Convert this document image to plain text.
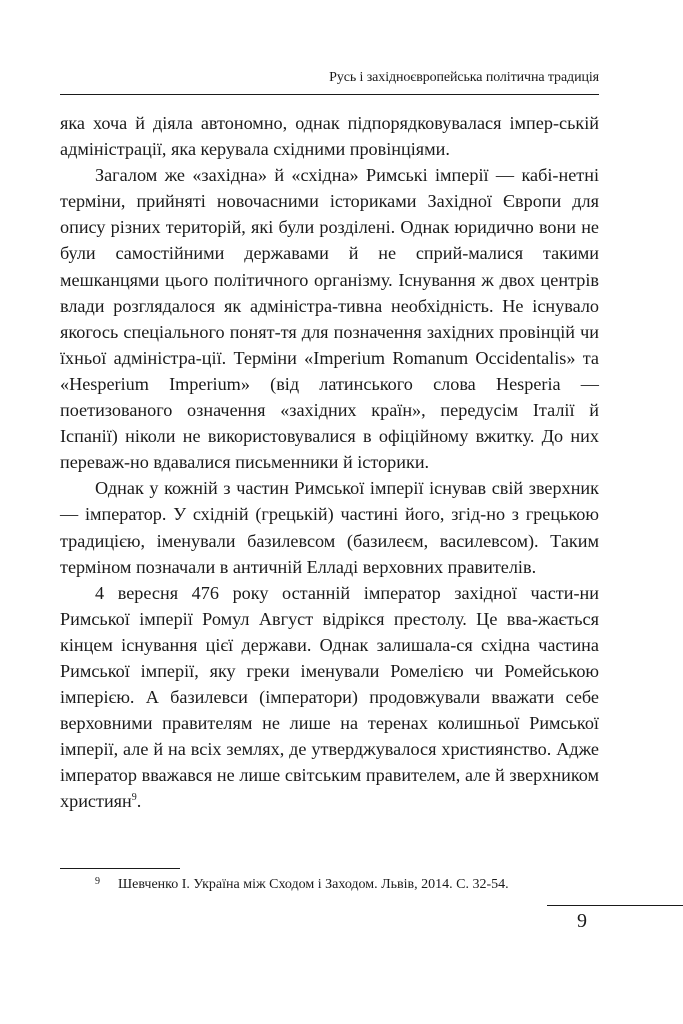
Русь і західноєвропейська політична традиція

яка хоча й діяла автономно, однак підпорядковувалася імпер-ській адміністрації, яка керувала східними провінціями.

Загалом же «західна» й «східна» Римські імперії — кабі-нетні терміни, прийняті новочасними істориками Західної Європи для опису різних територій, які були розділені. Однак юридично вони не були самостійними державами й не сприй-малися такими мешканцями цього політичного організму. Існування ж двох центрів влади розглядалося як адміністра-тивна необхідність. Не існувало якогось спеціального понят-тя для позначення західних провінцій чи їхньої адміністра-ції. Терміни «Imperium Romanum Occidentalis» та «Hesperium Imperium» (від латинського слова Hesperia — поетизованого означення «західних країн», передусім Італії й Іспанії) ніколи не використовувалися в офіційному вжитку. До них переваж-но вдавалися письменники й історики.

Однак у кожній з частин Римської імперії існував свій зверхник — імператор. У східній (грецькій) частині його, згід-но з грецькою традицією, іменували базилевсом (базилеєм, василевсом). Таким терміном позначали в античній Елладі верховних правителів.

4 вересня 476 року останній імператор західної части-ни Римської імперії Ромул Август відрікся престолу. Це вва-жається кінцем існування цієї держави. Однак залишала-ся східна частина Римської імперії, яку греки іменували Ромелією чи Ромейською імперією. А базилевси (імператори) продовжували вважати себе верховними правителям не лише на теренах колишньої Римської імперії, але й на всіх землях, де утверджувалося християнство. Адже імператор вважався не лише світським правителем, але й зверхником християн$^9$.

9 Шевченко І. Україна між Сходом і Заходом. Львів, 2014. С. 32-54.
9
